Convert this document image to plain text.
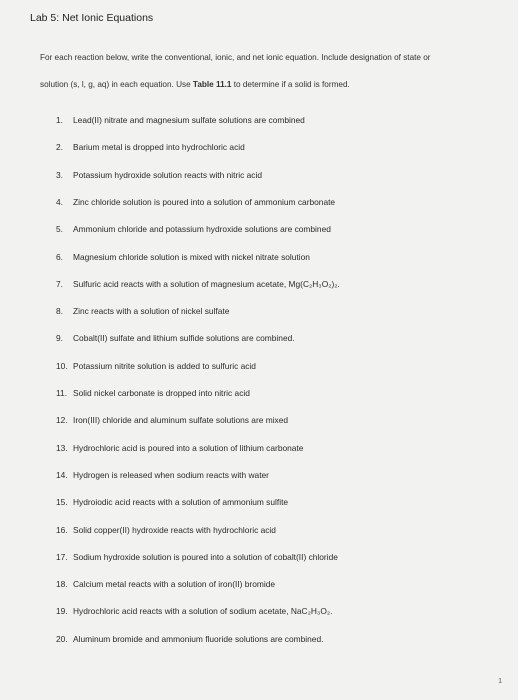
Lab 5: Net Ionic Equations
For each reaction below, write the conventional, ionic, and net ionic equation. Include designation of state or
solution (s, l, g, aq) in each equation. Use Table 11.1 to determine if a solid is formed.
1. Lead(II) nitrate and magnesium sulfate solutions are combined
2. Barium metal is dropped into hydrochloric acid
3. Potassium hydroxide solution reacts with nitric acid
4. Zinc chloride solution is poured into a solution of ammonium carbonate
5. Ammonium chloride and potassium hydroxide solutions are combined
6. Magnesium chloride solution is mixed with nickel nitrate solution
7. Sulfuric acid reacts with a solution of magnesium acetate, Mg(C₂H₃O₂)₂.
8. Zinc reacts with a solution of nickel sulfate
9. Cobalt(II) sulfate and lithium sulfide solutions are combined.
10. Potassium nitrite solution is added to sulfuric acid
11. Solid nickel carbonate is dropped into nitric acid
12. Iron(III) chloride and aluminum sulfate solutions are mixed
13. Hydrochloric acid is poured into a solution of lithium carbonate
14. Hydrogen is released when sodium reacts with water
15. Hydroiodic acid reacts with a solution of ammonium sulfite
16. Solid copper(II) hydroxide reacts with hydrochloric acid
17. Sodium hydroxide solution is poured into a solution of cobalt(II) chloride
18. Calcium metal reacts with a solution of iron(II) bromide
19. Hydrochloric acid reacts with a solution of sodium acetate, NaC₂H₃O₂.
20. Aluminum bromide and ammonium fluoride solutions are combined.
1
